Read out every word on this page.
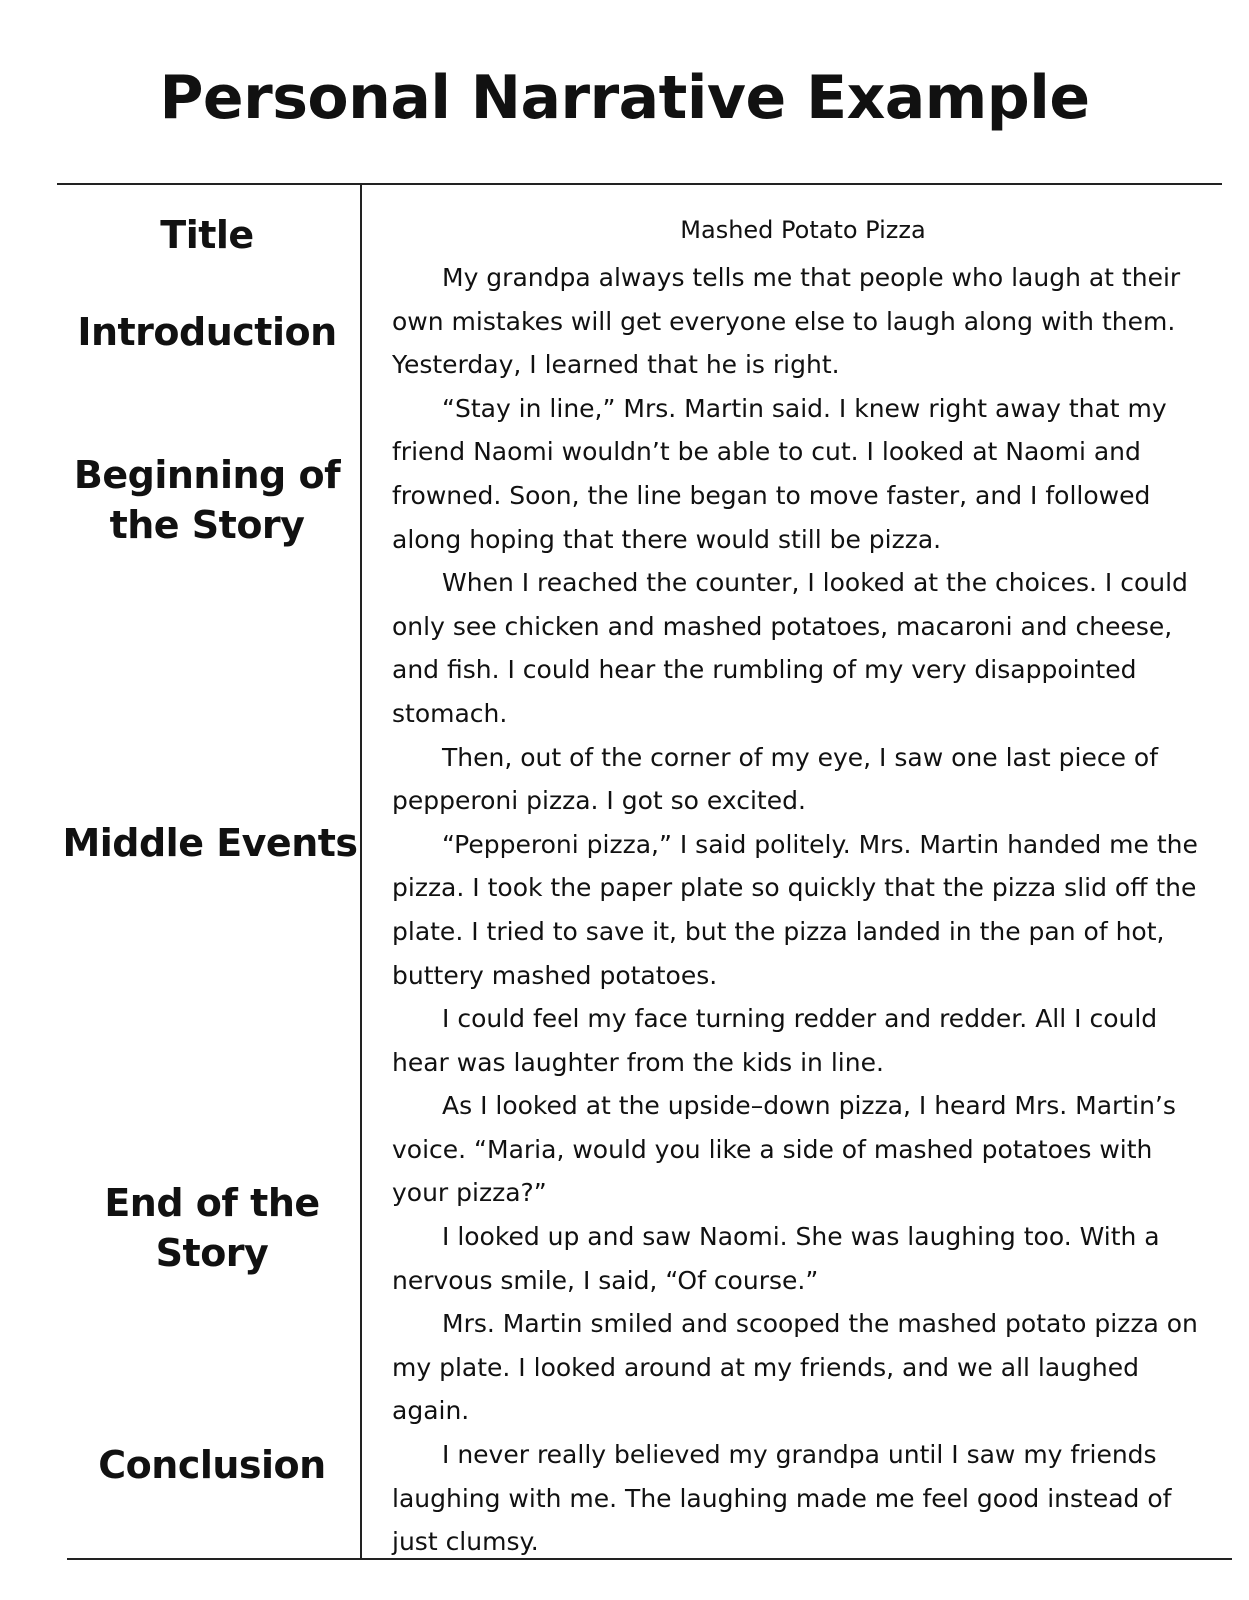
Personal Narrative Example
Title
Introduction
Beginning of
the Story
Middle Events
End of the
Story
Conclusion
Mashed Potato Pizza

My grandpa always tells me that people who laugh at their own mistakes will get everyone else to laugh along with them. Yesterday, I learned that he is right.

“Stay in line,” Mrs. Martin said. I knew right away that my friend Naomi wouldn’t be able to cut. I looked at Naomi and frowned. Soon, the line began to move faster, and I followed along hoping that there would still be pizza.

When I reached the counter, I looked at the choices. I could only see chicken and mashed potatoes, macaroni and cheese, and fish. I could hear the rumbling of my very disappointed stomach.

Then, out of the corner of my eye, I saw one last piece of pepperoni pizza. I got so excited.

“Pepperoni pizza,” I said politely. Mrs. Martin handed me the pizza. I took the paper plate so quickly that the pizza slid off the plate. I tried to save it, but the pizza landed in the pan of hot, buttery mashed potatoes.

I could feel my face turning redder and redder. All I could hear was laughter from the kids in line.

As I looked at the upside–down pizza, I heard Mrs. Martin’s voice. “Maria, would you like a side of mashed potatoes with your pizza?”

I looked up and saw Naomi. She was laughing too. With a nervous smile, I said, “Of course.”

Mrs. Martin smiled and scooped the mashed potato pizza on my plate. I looked around at my friends, and we all laughed again.

I never really believed my grandpa until I saw my friends laughing with me. The laughing made me feel good instead of just clumsy.
